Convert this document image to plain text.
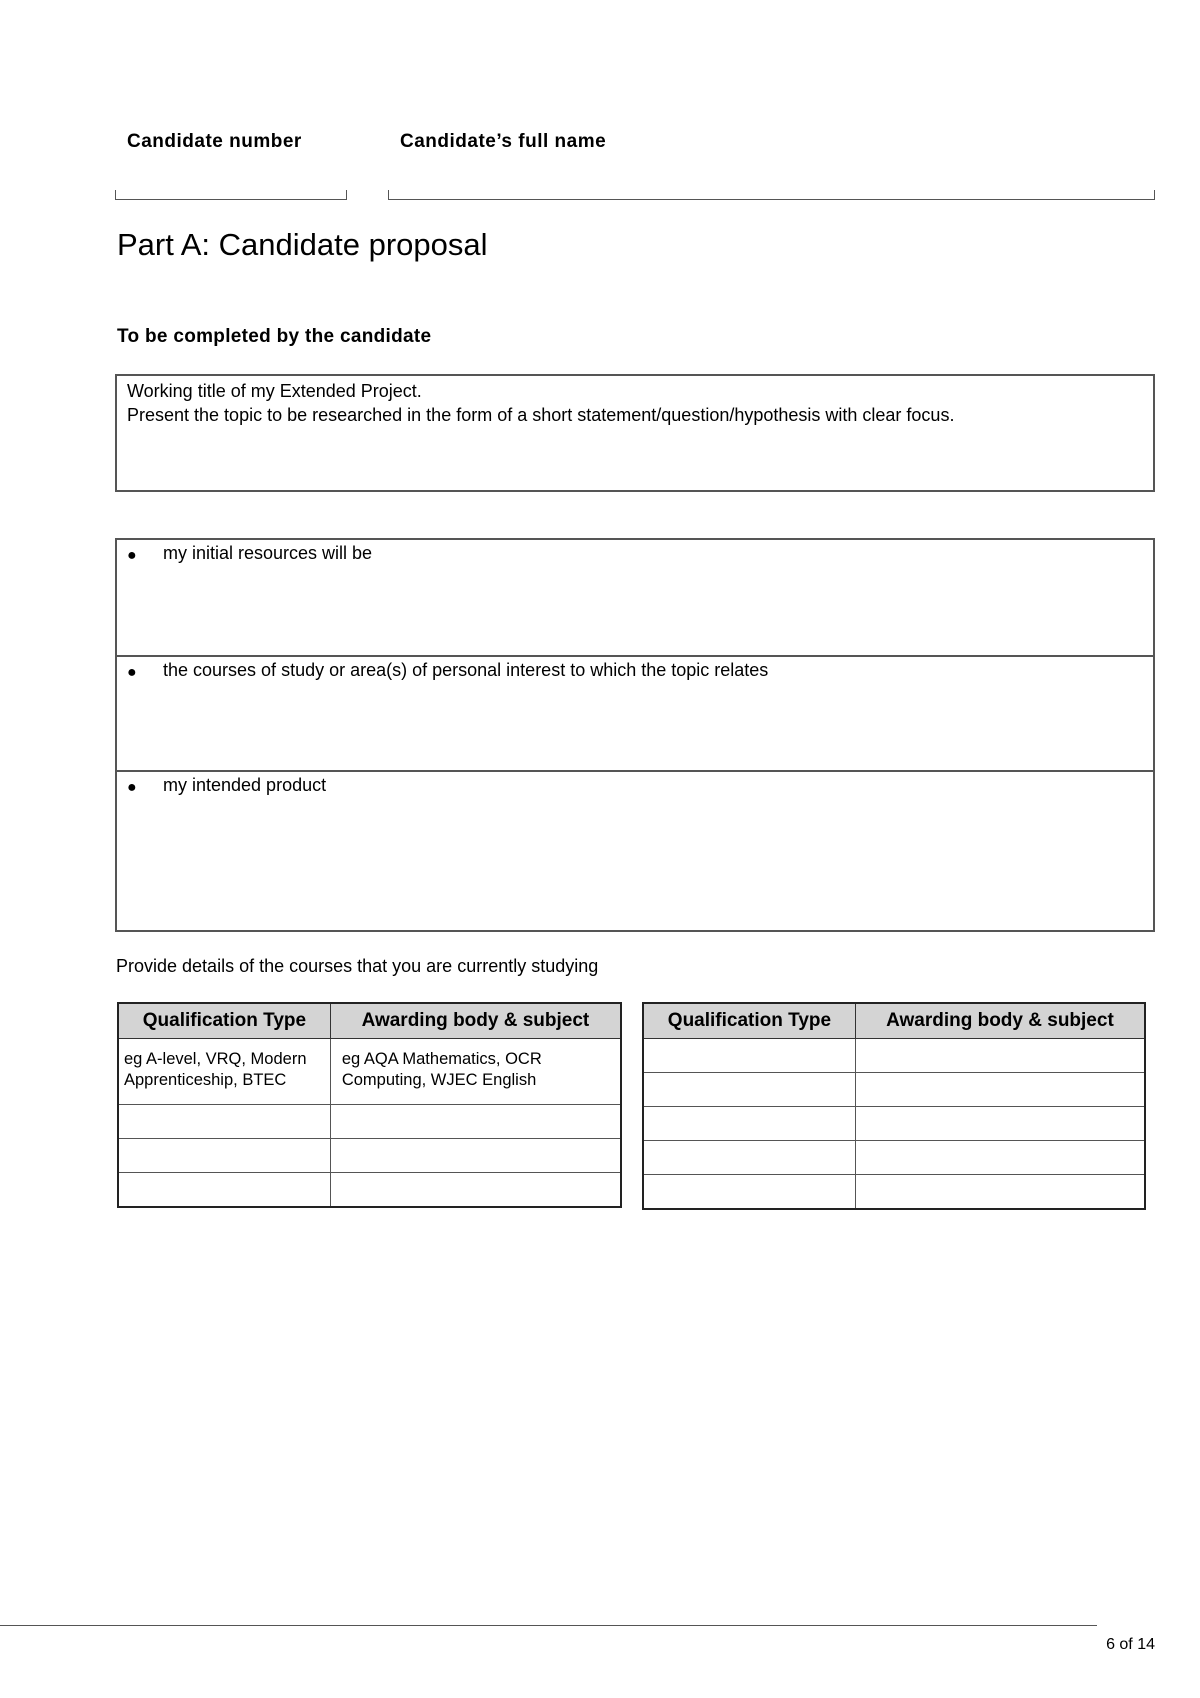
Candidate number	Candidate’s full name
Part A: Candidate proposal
To be completed by the candidate
Working title of my Extended Project.
Present the topic to be researched in the form of a short statement/question/hypothesis with clear focus.
● my initial resources will be
● the courses of study or area(s) of personal interest to which the topic relates
● my intended product
Provide details of the courses that you are currently studying
Qualification Type	Awarding body & subject
eg A-level, VRQ, Modern Apprenticeship, BTEC	eg AQA Mathematics, OCR Computing, WJEC English

Qualification Type	Awarding body & subject

6 of 14
